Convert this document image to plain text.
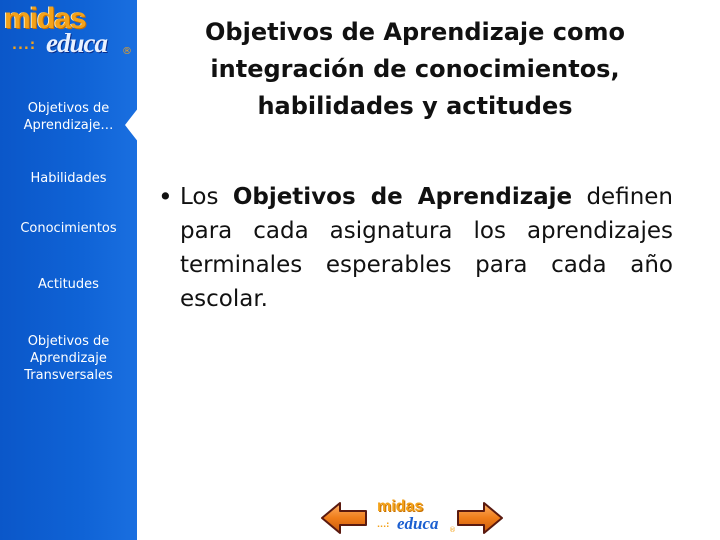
midas
...: educa ®
Objetivos de
Aprendizaje…
Habilidades
Conocimientos
Actitudes
Objetivos de
Aprendizaje
Transversales
Objetivos de Aprendizaje como
integración de conocimientos,
habilidades y actitudes
• Los Objetivos de Aprendizaje definen para cada asignatura los aprendizajes terminales esperables para cada año escolar.
midas
...: educa ®
